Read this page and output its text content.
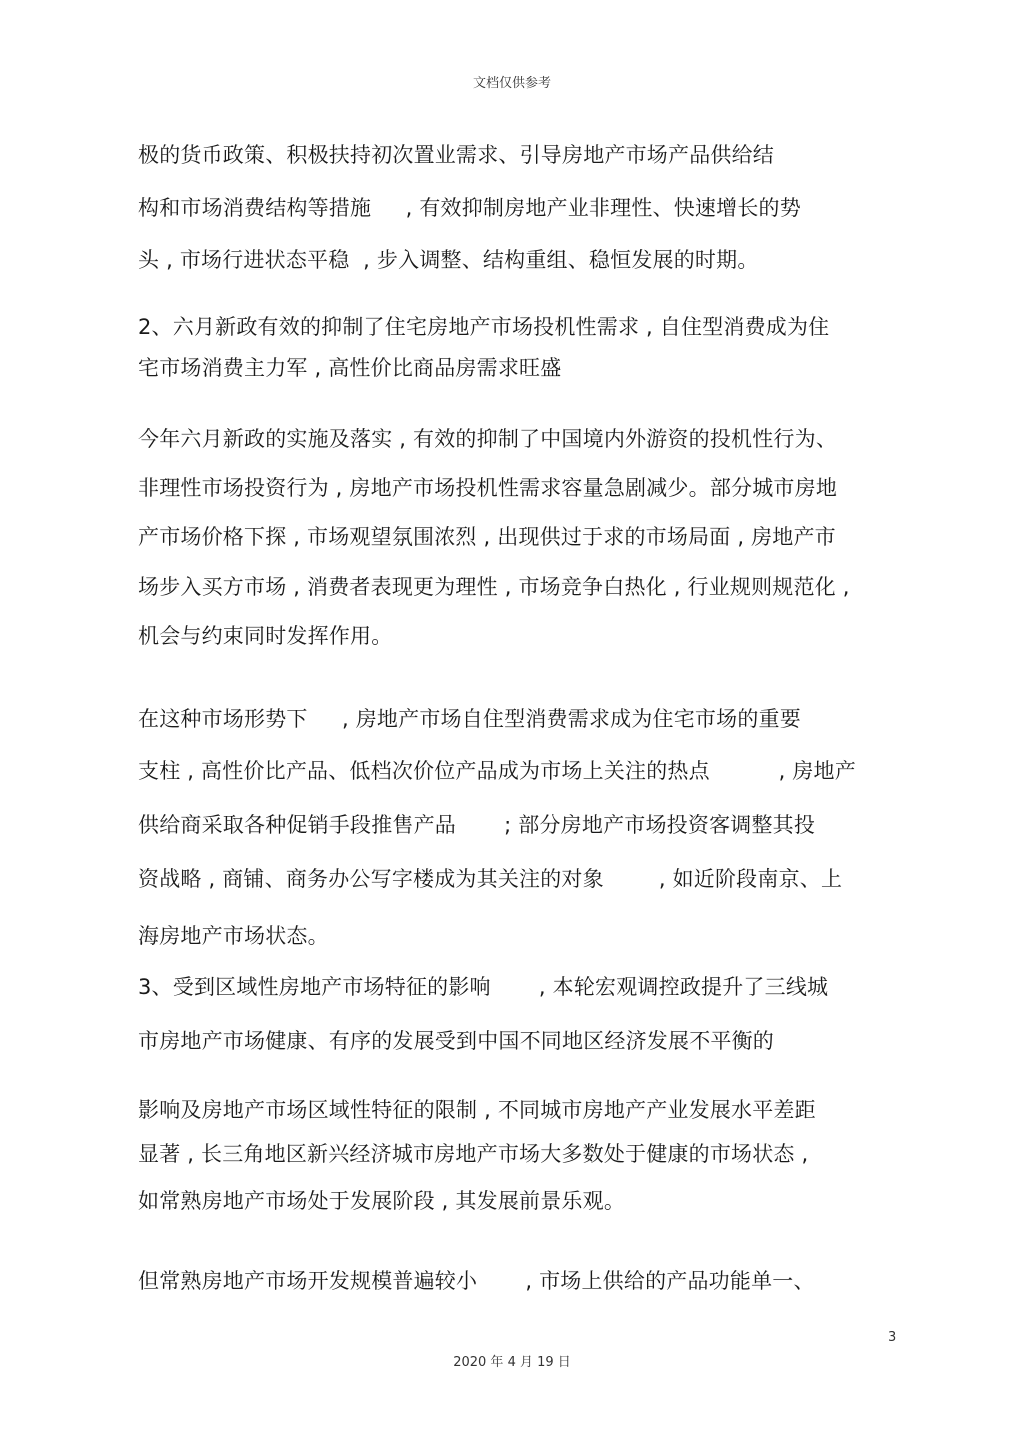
文档仅供参考
极的货币政策、积极扶持初次置业需求、引导房地产市场产品供给结
构和市场消费结构等措施     , 有效抑制房地产业非理性、快速增长的势
头 , 市场行进状态平稳  , 步入调整、结构重组、稳恒发展的时期。
2、六月新政有效的抑制了住宅房地产市场投机性需求 , 自住型消费成为住
宅市场消费主力军 , 高性价比商品房需求旺盛
今年六月新政的实施及落实 , 有效的抑制了中国境内外游资的投机性行为、
非理性市场投资行为 , 房地产市场投机性需求容量急剧减少。部分城市房地
产市场价格下探 , 市场观望氛围浓烈 , 出现供过于求的市场局面 , 房地产市
场步入买方市场 , 消费者表现更为理性 , 市场竞争白热化 , 行业规则规范化 ,
机会与约束同时发挥作用。
在这种市场形势下     , 房地产市场自住型消费需求成为住宅市场的重要
支柱 , 高性价比产品、低档次价位产品成为市场上关注的热点          , 房地产
供给商采取各种促销手段推售产品       ; 部分房地产市场投资客调整其投
资战略 , 商铺、商务办公写字楼成为其关注的对象        , 如近阶段南京、上
海房地产市场状态。
3、受到区域性房地产市场特征的影响       , 本轮宏观调控政提升了三线城
市房地产市场健康、有序的发展受到中国不同地区经济发展不平衡的
影响及房地产市场区域性特征的限制 , 不同城市房地产产业发展水平差距
显著 , 长三角地区新兴经济城市房地产市场大多数处于健康的市场状态 ,
如常熟房地产市场处于发展阶段 , 其发展前景乐观。
但常熟房地产市场开发规模普遍较小       , 市场上供给的产品功能单一、
3
2020 年 4 月 19 日
